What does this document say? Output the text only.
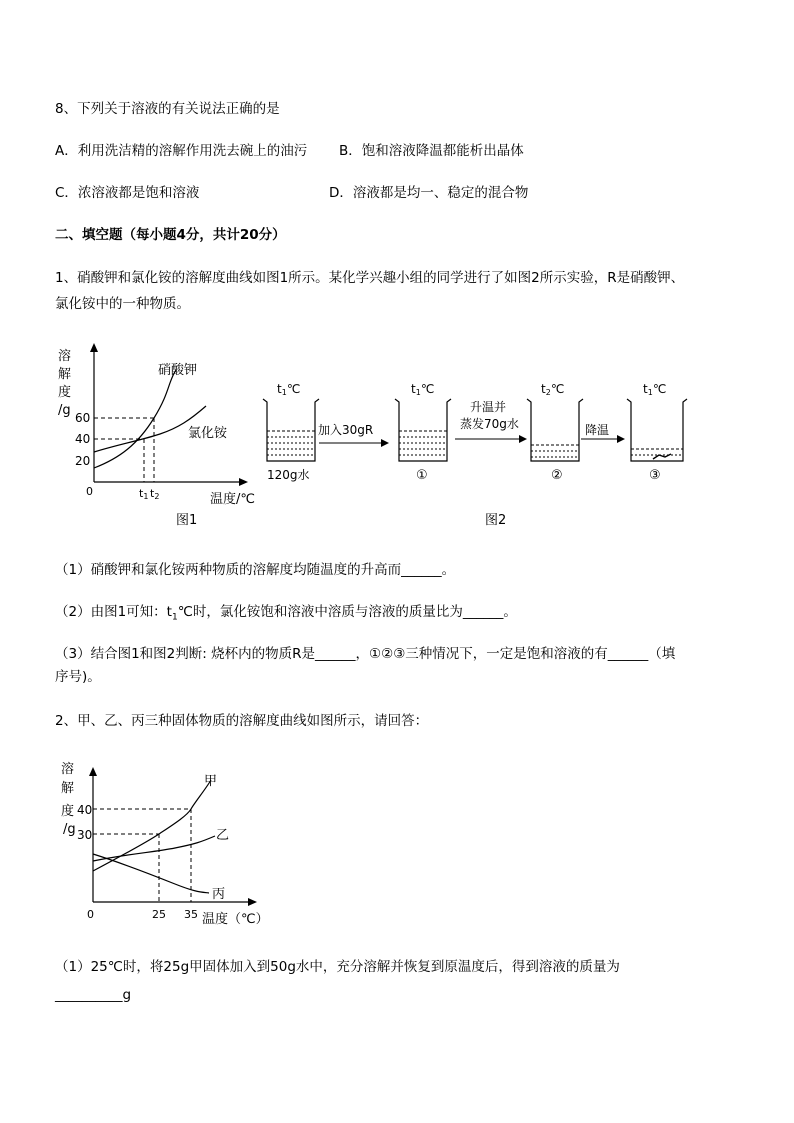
8、下列关于溶液的有关说法正确的是
A．利用洗洁精的溶解作用洗去碗上的油污 B．饱和溶液降温都能析出晶体
C．浓溶液都是饱和溶液	D．溶液都是均一、稳定的混合物
二、填空题（每小题4分，共计20分）
1、硝酸钾和氯化铵的溶解度曲线如图1所示。某化学兴趣小组的同学进行了如图2所示实验，R是硝酸钾、
氯化铵中的一种物质。
溶
解
度
/g 60
40
20
0
硝酸钾
氯化铵
t1 t2	温度/℃
图1
t1℃
120g水
加入30gR
t1℃
①
升温并
蒸发70g水
t2℃
②
降温
t1℃
③
图2
（1）硝酸钾和氯化铵两种物质的溶解度均随温度的升高而______。
（2）由图1可知：$t_1℃$时，氯化铵饱和溶液中溶质与溶液的质量比为______。
（3）结合图1和图2判断: 烧杯内的物质R是______，①②③三种情况下，一定是饱和溶液的有______（填
序号)。
2、甲、乙、丙三种固体物质的溶解度曲线如图所示，请回答：
溶
解
度
/g
40
30
0	25 35 温度（℃）
甲
乙
丙
（1）25℃时，将25g甲固体加入到50g水中，充分溶解并恢复到原温度后，得到溶液的质量为
__________g
